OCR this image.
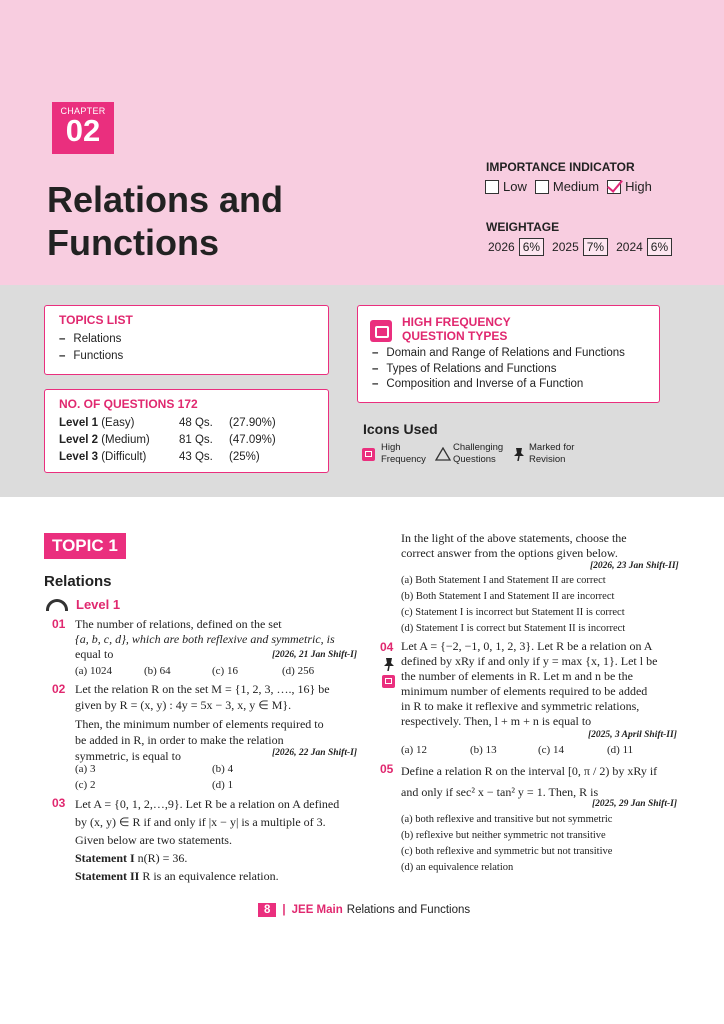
CHAPTER
02
Relations and
Functions
IMPORTANCE INDICATOR
Low Medium High
WEIGHTAGE
2026 6%	2025 7%	2024 6%
TOPICS LIST
– Relations
– Functions
NO. OF QUESTIONS 172
Level 1 (Easy)	48 Qs.	(27.90%)
Level 2 (Medium)	81 Qs.	(47.09%)
Level 3 (Difficult)	43 Qs.	(25%)
HIGH FREQUENCY
QUESTION TYPES
– Domain and Range of Relations and Functions
– Types of Relations and Functions
– Composition and Inverse of a Function
Icons Used
High
Frequency
Challenging
Questions
Marked for
Revision
TOPIC 1
Relations
Level 1
01 The number of relations, defined on the set
{a, b, c, d}, which are both reflexive and symmetric, is
equal to	[2026, 21 Jan Shift-I]
(a) 1024	(b) 64	(c) 16	(d) 256
02 Let the relation R on the set M = {1, 2, 3, …., 16} be
given by R = (x, y) : 4y = 5x − 3, x, y ∈ M}.
Then, the minimum number of elements required to
be added in R, in order to make the relation
symmetric, is equal to	[2026, 22 Jan Shift-I]
(a) 3	(b) 4
(c) 2	(d) 1
03 Let A = {0, 1, 2,…,9}. Let R be a relation on A defined
by (x, y) ∈ R if and only if |x − y| is a multiple of 3.
Given below are two statements.
Statement I n(R) = 36.
Statement II R is an equivalence relation.
In the light of the above statements, choose the
correct answer from the options given below.
[2026, 23 Jan Shift-II]
(a) Both Statement I and Statement II are correct
(b) Both Statement I and Statement II are incorrect
(c) Statement I is incorrect but Statement II is correct
(d) Statement I is correct but Statement II is incorrect
04 Let A = {−2, −1, 0, 1, 2, 3}. Let R be a relation on A
defined by xRy if and only if y = max {x, 1}. Let l be
the number of elements in R. Let m and n be the
minimum number of elements required to be added
in R to make it reflexive and symmetric relations,
respectively. Then, l + m + n is equal to
[2025, 3 April Shift-II]
(a) 12	(b) 13	(c) 14	(d) 11
05 Define a relation R on the interval [0, π / 2) by xRy if
and only if sec² x − tan² y = 1. Then, R is
[2025, 29 Jan Shift-I]
(a) both reflexive and transitive but not symmetric
(b) reflexive but neither symmetric not transitive
(c) both reflexive and symmetric but not transitive
(d) an equivalence relation
8	| JEE Main Relations and Functions
